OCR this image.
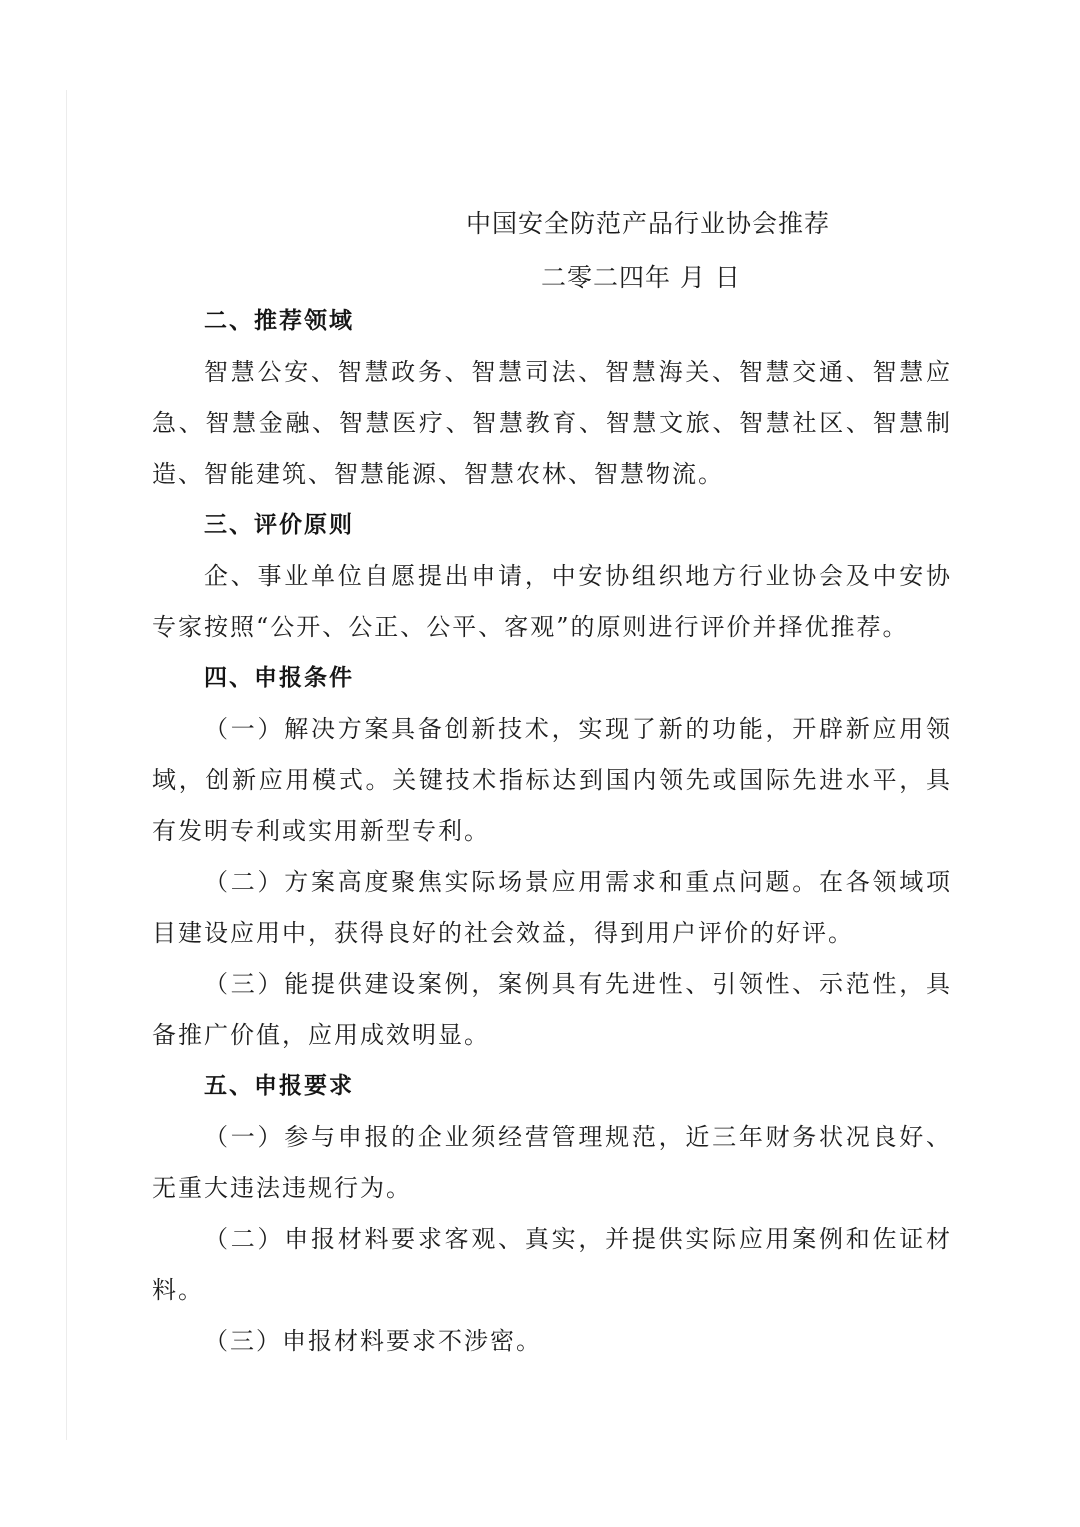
中国安全防范产品行业协会推荐
二零二四年 月 日
二、推荐领域

智慧公安、智慧政务、智慧司法、智慧海关、智慧交通、智慧应急、智慧金融、智慧医疗、智慧教育、智慧文旅、智慧社区、智慧制造、智能建筑、智慧能源、智慧农林、智慧物流。

三、评价原则

企、事业单位自愿提出申请，中安协组织地方行业协会及中安协专家按照“公开、公正、公平、客观”的原则进行评价并择优推荐。

四、申报条件

（一）解决方案具备创新技术，实现了新的功能，开辟新应用领域，创新应用模式。关键技术指标达到国内领先或国际先进水平，具有发明专利或实用新型专利。

（二）方案高度聚焦实际场景应用需求和重点问题。在各领域项目建设应用中，获得良好的社会效益，得到用户评价的好评。

（三）能提供建设案例，案例具有先进性、引领性、示范性，具备推广价值，应用成效明显。

五、申报要求

（一）参与申报的企业须经营管理规范，近三年财务状况良好、无重大违法违规行为。

（二）申报材料要求客观、真实，并提供实际应用案例和佐证材料。

（三）申报材料要求不涉密。
